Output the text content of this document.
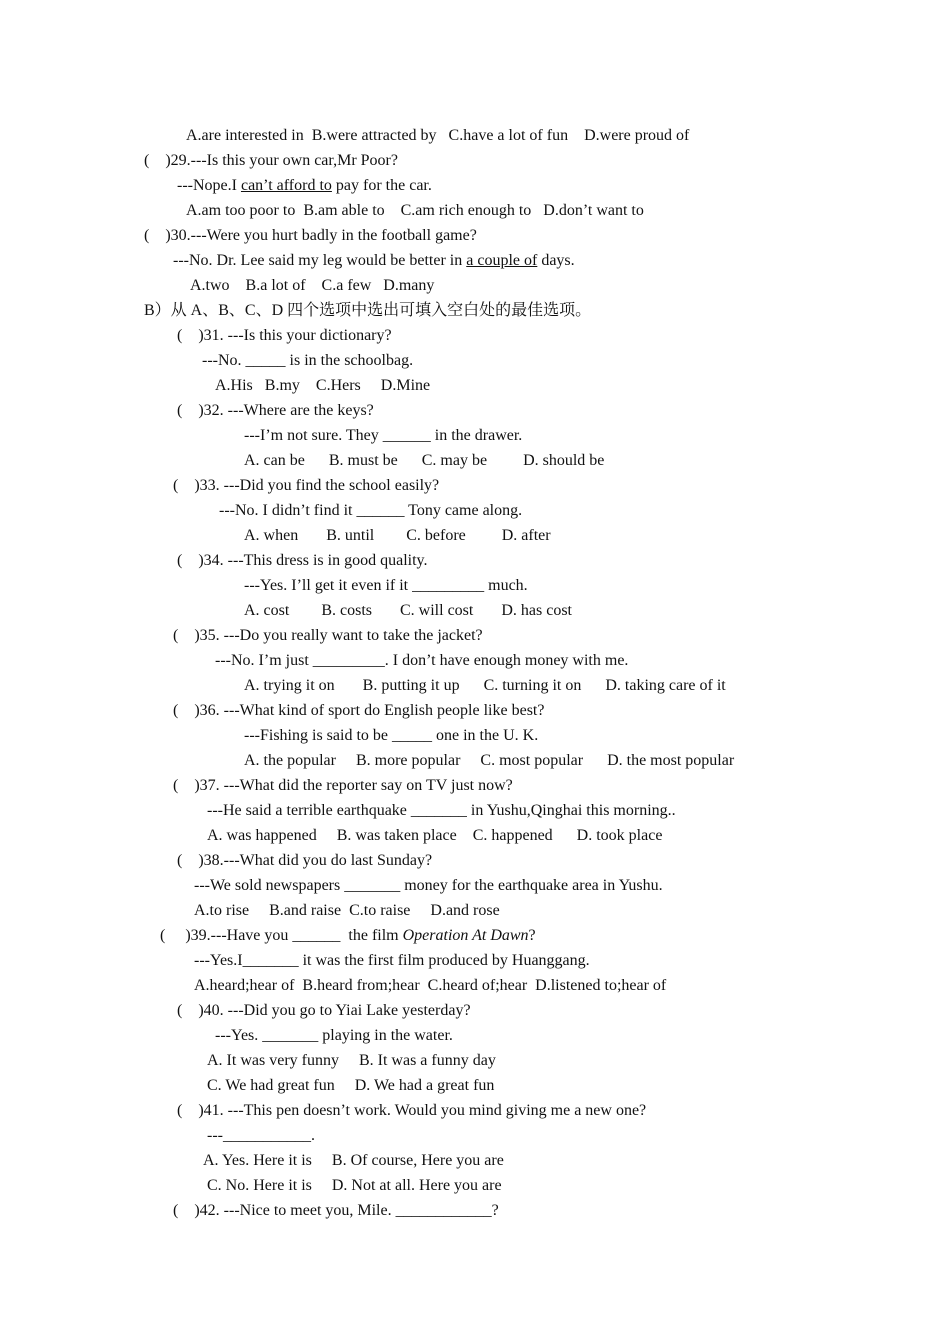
A.are interested in  B.were attracted by   C.have a lot of fun    D.were proud of
(    )29.---Is this your own car,Mr Poor?
---Nope.I can’t afford to pay for the car.
A.am too poor to  B.am able to    C.am rich enough to   D.don’t want to
(    )30.---Were you hurt badly in the football game?
---No. Dr. Lee said my leg would be better in a couple of days.
A.two    B.a lot of    C.a few   D.many
B）从 A、B、C、D 四个选项中选出可填入空白处的最佳选项。
(    )31. ---Is this your dictionary?
---No. _____ is in the schoolbag.
A.His   B.my    C.Hers     D.Mine
(    )32. ---Where are the keys?
---I’m not sure. They ______ in the drawer.
A. can be      B. must be      C. may be         D. should be
(    )33. ---Did you find the school easily?
---No. I didn’t find it ______ Tony came along.
A. when       B. until        C. before         D. after
(    )34. ---This dress is in good quality.
---Yes. I’ll get it even if it _________ much.
A. cost        B. costs       C. will cost       D. has cost
(    )35. ---Do you really want to take the jacket?
---No. I’m just _________. I don’t have enough money with me.
A. trying it on       B. putting it up      C. turning it on      D. taking care of it
(    )36. ---What kind of sport do English people like best?
---Fishing is said to be _____ one in the U. K.
A. the popular     B. more popular     C. most popular      D. the most popular
(    )37. ---What did the reporter say on TV just now?
---He said a terrible earthquake _______ in Yushu,Qinghai this morning..
A. was happened     B. was taken place    C. happened      D. took place
(    )38.---What did you do last Sunday?
---We sold newspapers _______ money for the earthquake area in Yushu.
A.to rise     B.and raise  C.to raise     D.and rose
(     )39.---Have you ______  the film Operation At Dawn?
---Yes.I_______ it was the first film produced by Huanggang.
A.heard;hear of  B.heard from;hear  C.heard of;hear  D.listened to;hear of
(    )40. ---Did you go to Yiai Lake yesterday?
---Yes. _______ playing in the water.
A. It was very funny     B. It was a funny day
C. We had great fun     D. We had a great fun
(    )41. ---This pen doesn’t work. Would you mind giving me a new one?
---___________.
A. Yes. Here it is     B. Of course, Here you are
C. No. Here it is     D. Not at all. Here you are
(    )42. ---Nice to meet you, Mile. ____________?
